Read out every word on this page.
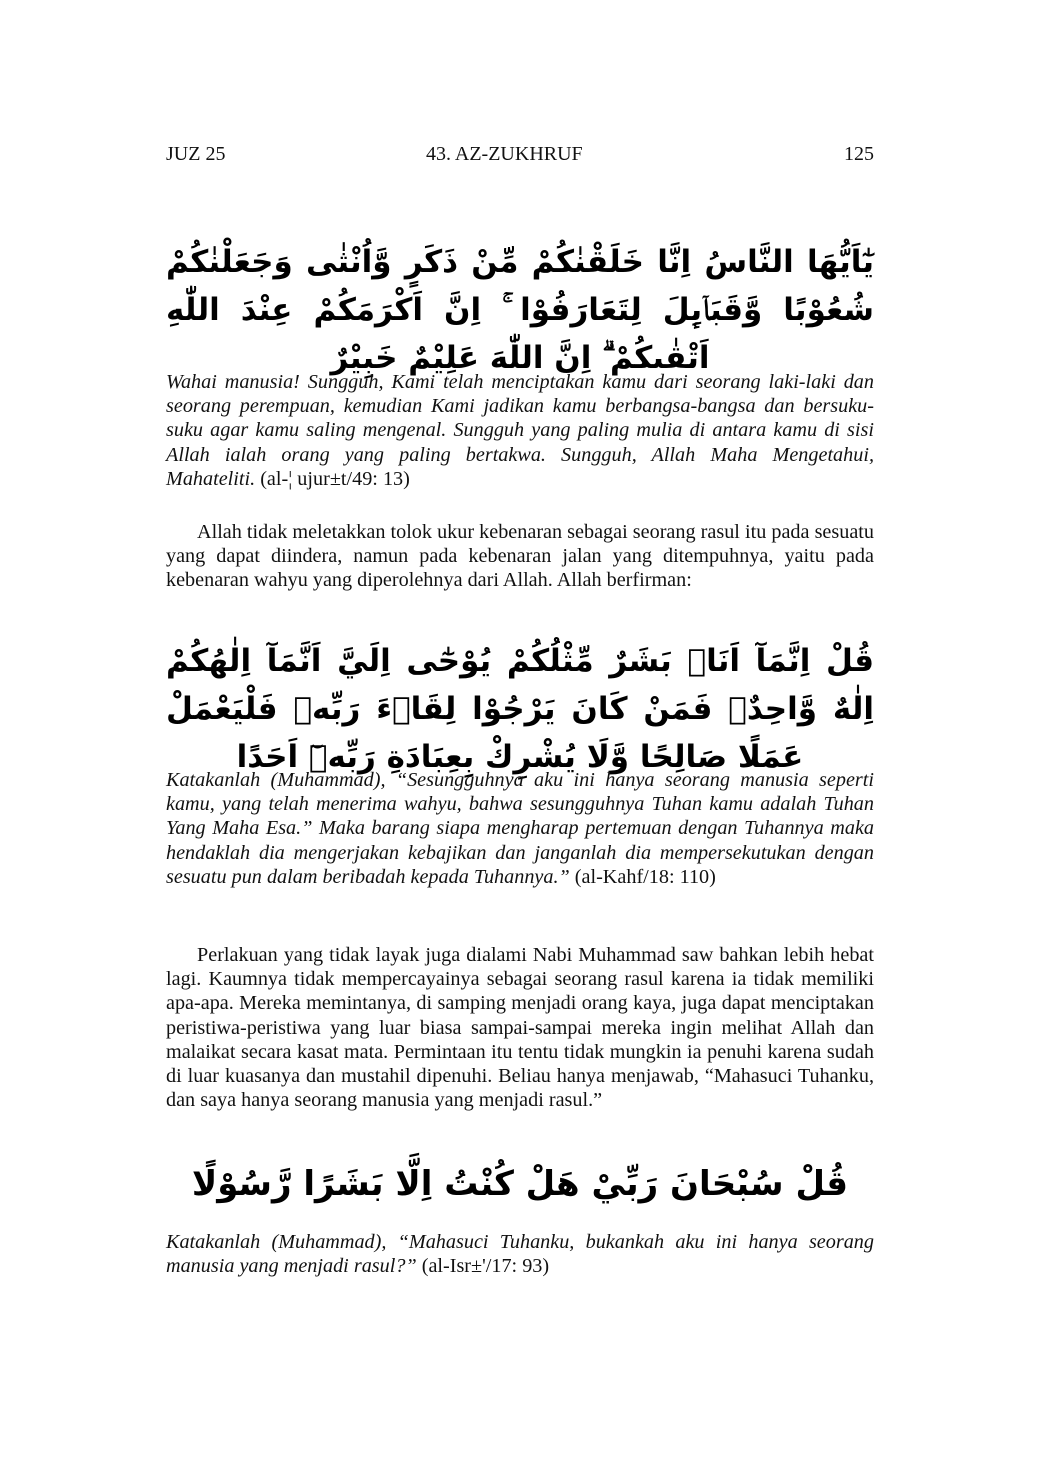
JUZ 25	43. AZ-ZUKHRUF	125
يٰٓاَيُّهَا النَّاسُ اِنَّا خَلَقْنٰكُمْ مِّنْ ذَكَرٍ وَّاُنْثٰى وَجَعَلْنٰكُمْ شُعُوْبًا وَّقَبَاۤىِٕلَ لِتَعَارَفُوْا ۚ اِنَّ اَكْرَمَكُمْ عِنْدَ اللّٰهِ اَتْقٰىكُمْ ۗ اِنَّ اللّٰهَ عَلِيْمٌ خَبِيْرٌ

Wahai manusia! Sungguh, Kami telah menciptakan kamu dari seorang laki-laki dan seorang perempuan, kemudian Kami jadikan kamu berbangsa-bangsa dan bersuku-suku agar kamu saling mengenal. Sungguh yang paling mulia di antara kamu di sisi Allah ialah orang yang paling bertakwa. Sungguh, Allah Maha Mengetahui, Mahateliti. (al-¦ ujur±t/49: 13)

Allah tidak meletakkan tolok ukur kebenaran sebagai seorang rasul itu pada sesuatu yang dapat diindera, namun pada kebenaran jalan yang ditempuhnya, yaitu pada kebenaran wahyu yang diperolehnya dari Allah. Allah berfirman:

قُلْ اِنَّمَآ اَنَا۠ بَشَرٌ مِّثْلُكُمْ يُوْحٰٓى اِلَيَّ اَنَّمَآ اِلٰهُكُمْ اِلٰهٌ وَّاحِدٌۚ فَمَنْ كَانَ يَرْجُوْا لِقَاۤءَ رَبِّهٖ فَلْيَعْمَلْ عَمَلًا صَالِحًا وَّلَا يُشْرِكْ بِعِبَادَةِ رَبِّهٖٓ اَحَدًا

Katakanlah (Muhammad), “Sesungguhnya aku ini hanya seorang manusia seperti kamu, yang telah menerima wahyu, bahwa sesungguhnya Tuhan kamu adalah Tuhan Yang Maha Esa.” Maka barang siapa mengharap pertemuan dengan Tuhannya maka hendaklah dia mengerjakan kebajikan dan janganlah dia mempersekutukan dengan sesuatu pun dalam beribadah kepada Tuhannya.” (al-Kahf/18: 110)

Perlakuan yang tidak layak juga dialami Nabi Muhammad saw bahkan lebih hebat lagi. Kaumnya tidak mempercayainya sebagai seorang rasul karena ia tidak memiliki apa-apa. Mereka memintanya, di samping menjadi orang kaya, juga dapat menciptakan peristiwa-peristiwa yang luar biasa sampai-sampai mereka ingin melihat Allah dan malaikat secara kasat mata. Permintaan itu tentu tidak mungkin ia penuhi karena sudah di luar kuasanya dan mustahil dipenuhi. Beliau hanya menjawab, “Mahasuci Tuhanku, dan saya hanya seorang manusia yang menjadi rasul.”

قُلْ سُبْحَانَ رَبِّيْ هَلْ كُنْتُ اِلَّا بَشَرًا رَّسُوْلًا

Katakanlah (Muhammad), “Mahasuci Tuhanku, bukankah aku ini hanya seorang manusia yang menjadi rasul?” (al-Isr±'/17: 93)
